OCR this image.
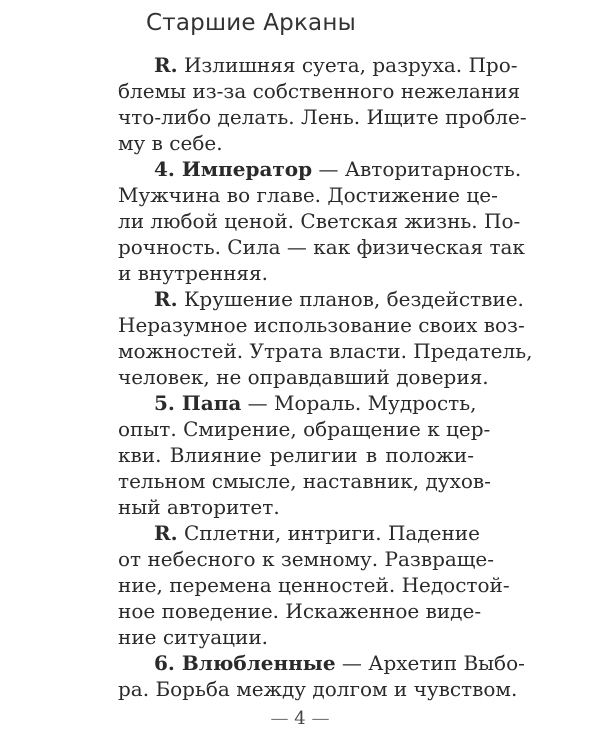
Старшие Арканы
R. Излишняя суета, разруха. Про-
блемы из-за собственного нежелания
что-либо делать. Лень. Ищите пробле-
му в себе.
4. Император — Авторитарность.
Мужчина во главе. Достижение це-
ли любой ценой. Светская жизнь. По-
рочность. Сила — как физическая так
и внутренняя.
R. Крушение планов, бездействие.
Неразумное использование своих воз-
можностей. Утрата власти. Предатель,
человек, не оправдавший доверия.
5. Папа — Мораль. Мудрость,
опыт. Смирение, обращение к цер-
кви. Влияние религии в положи-
тельном смысле, наставник, духов-
ный авторитет.
R. Сплетни, интриги. Падение
от небесного к земному. Развраще-
ние, перемена ценностей. Недостой-
ное поведение. Искаженное виде-
ние ситуации.
6. Влюбленные — Архетип Выбо-
ра. Борьба между долгом и чувством.
— 4 —
